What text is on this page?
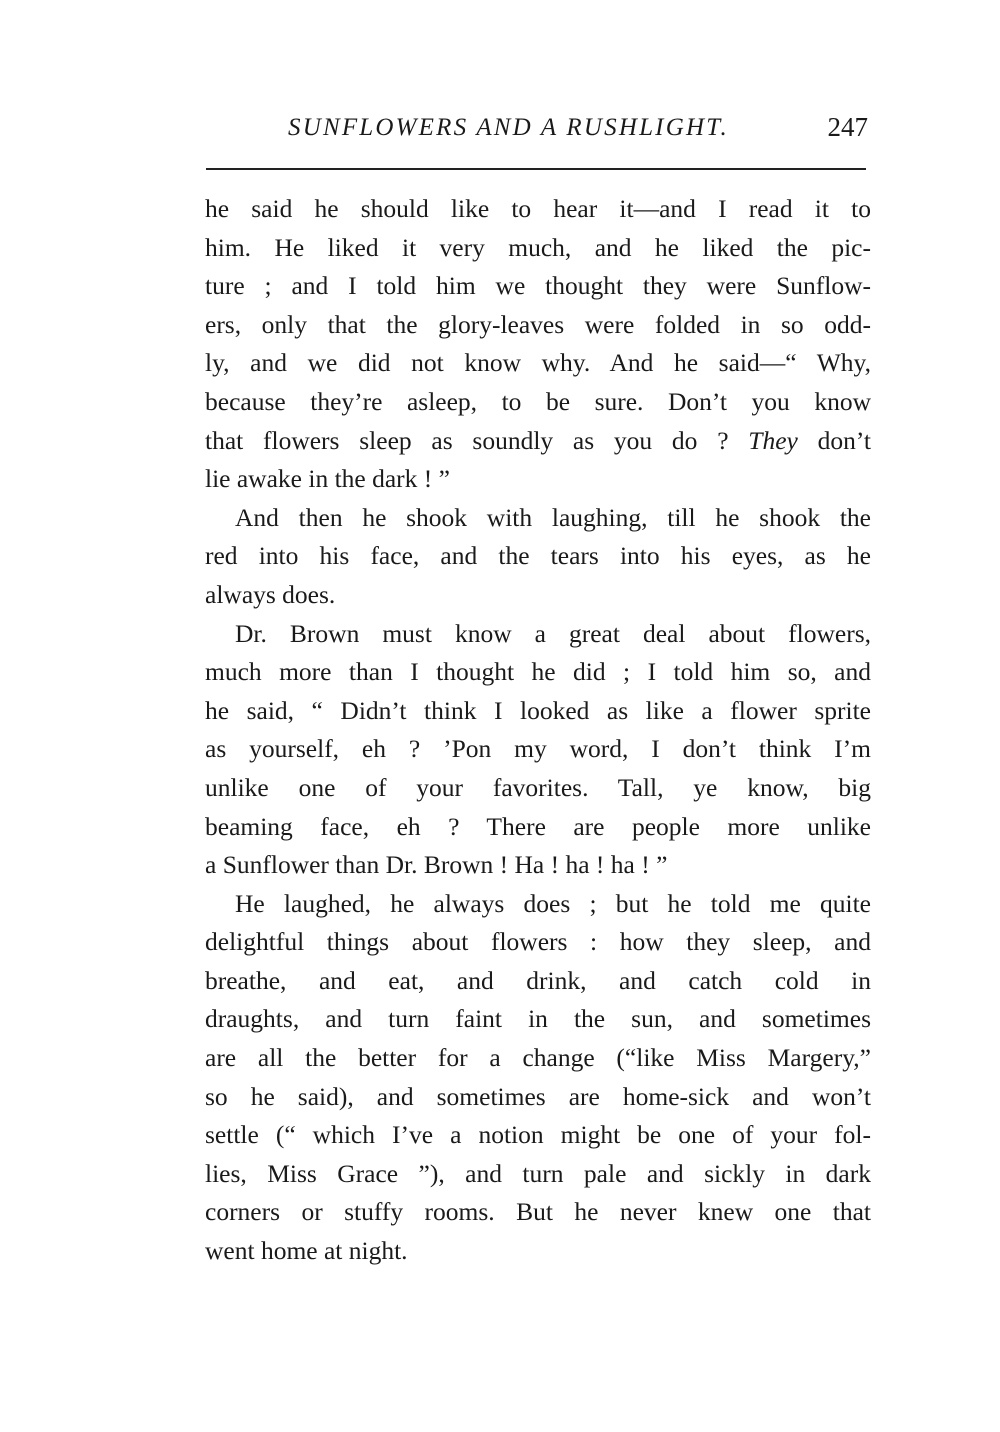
SUNFLOWERS AND A RUSHLIGHT.	247
he said he should like to hear it—and I read it to
him. He liked it very much, and he liked the pic-
ture ; and I told him we thought they were Sunflow-
ers, only that the glory-leaves were folded in so odd-
ly, and we did not know why. And he said—“ Why,
because they’re asleep, to be sure. Don’t you know
that flowers sleep as soundly as you do ? They don’t
lie awake in the dark ! ”
And then he shook with laughing, till he shook the
red into his face, and the tears into his eyes, as he
always does.
Dr. Brown must know a great deal about flowers,
much more than I thought he did ; I told him so, and
he said, “ Didn’t think I looked as like a flower sprite
as yourself, eh ? ’Pon my word, I don’t think I’m
unlike one of your favorites. Tall, ye know, big
beaming face, eh ? There are people more unlike
a Sunflower than Dr. Brown ! Ha ! ha ! ha ! ”
He laughed, he always does ; but he told me quite
delightful things about flowers : how they sleep, and
breathe, and eat, and drink, and catch cold in
draughts, and turn faint in the sun, and sometimes
are all the better for a change (“like Miss Margery,”
so he said), and sometimes are home-sick and won’t
settle (“ which I’ve a notion might be one of your fol-
lies, Miss Grace ”), and turn pale and sickly in dark
corners or stuffy rooms. But he never knew one that
went home at night.
